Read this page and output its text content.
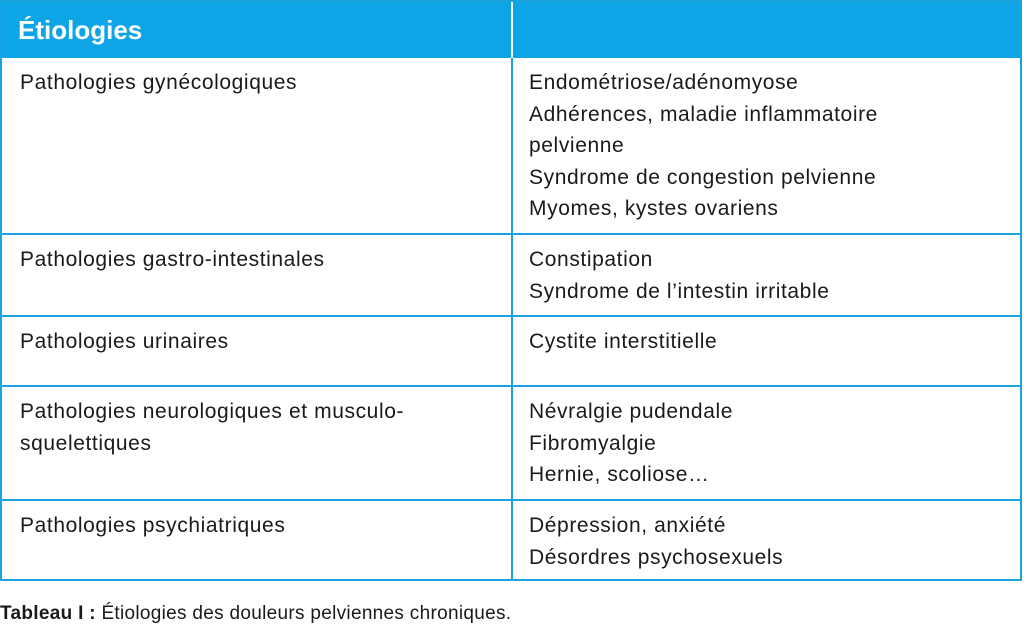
Étiologies	

Pathologies gynécologiques	Endométriose/adénomyose
Adhérences, maladie inflammatoire
pelvienne
Syndrome de congestion pelvienne
Myomes, kystes ovariens

Pathologies gastro-intestinales	Constipation
Syndrome de l’intestin irritable

Pathologies urinaires	Cystite interstitielle

Pathologies neurologiques et musculo-
squelettiques	Névralgie pudendale
Fibromyalgie
Hernie, scoliose…

Pathologies psychiatriques	Dépression, anxiété
Désordres psychosexuels
Tableau I : Étiologies des douleurs pelviennes chroniques.
